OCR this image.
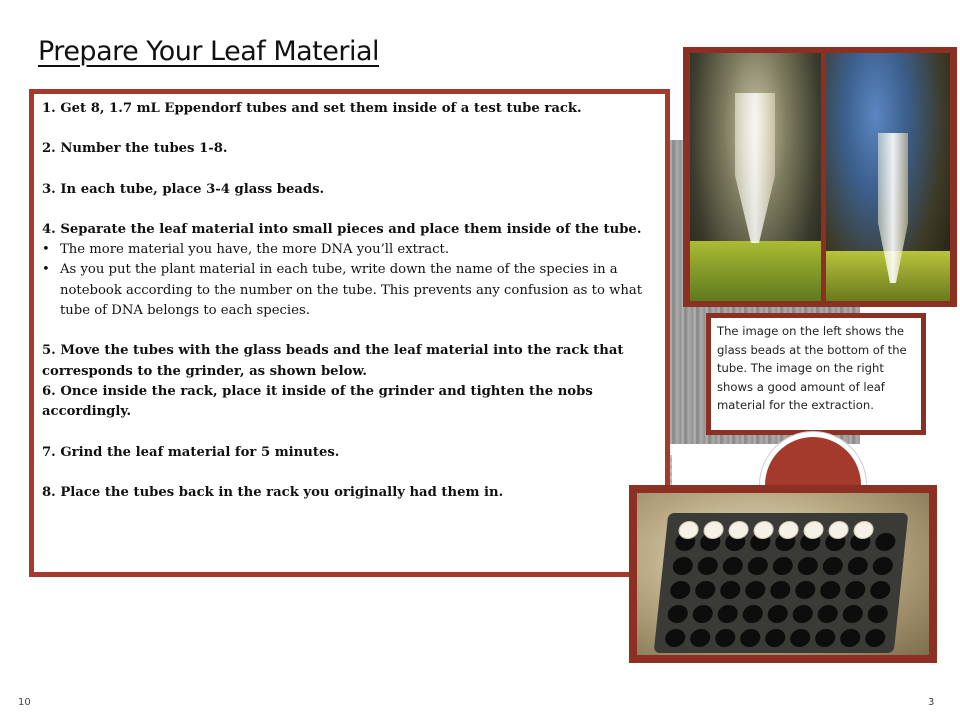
Prepare Your Leaf Material

1. Get 8, 1.7 mL Eppendorf tubes and set them inside of a test tube rack.

2. Number the tubes 1-8.

3. In each tube, place 3-4 glass beads.

4. Separate the leaf material into small pieces and place them inside of the tube.

• The more material you have, the more DNA you’ll extract.

• As you put the plant material in each tube, write down the name of the species in a notebook according to the number on the tube. This prevents any confusion as to what tube of DNA belongs to each species.

5. Move the tubes with the glass beads and the leaf material into the rack that corresponds to the grinder, as shown below.

6. Once inside the rack, place it inside of the grinder and tighten the nobs accordingly.

7. Grind the leaf material for 5 minutes.

8. Place the tubes back in the rack you originally had them in.

The image on the left shows the glass beads at the bottom of the tube. The image on the right shows a good amount of leaf material for the extraction.

10	3
